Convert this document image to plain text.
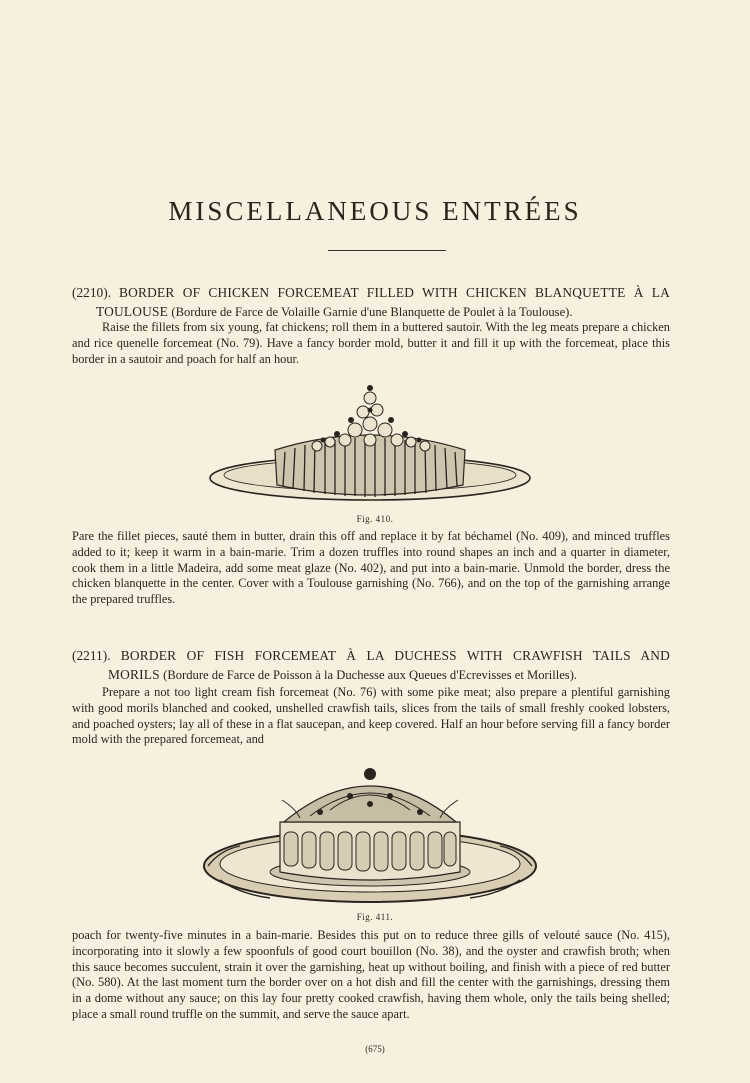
MISCELLANEOUS ENTRÉES
(2210). BORDER OF CHICKEN FORCEMEAT FILLED WITH CHICKEN BLANQUETTE À LA
TOULOUSE (Bordure de Farce de Volaille Garnie d'une Blanquette de Poulet à la Toulouse).

Raise the fillets from six young, fat chickens; roll them in a buttered sautoir. With the leg meats prepare a chicken and rice quenelle forcemeat (No. 79). Have a fancy border mold, butter it and fill it up with the forcemeat, place this border in a sautoir and poach for half an hour.

Fig. 410.

Pare the fillet pieces, sauté them in butter, drain this off and replace it by fat béchamel (No. 409), and minced truffles added to it; keep it warm in a bain-marie. Trim a dozen truffles into round shapes an inch and a quarter in diameter, cook them in a little Madeira, add some meat glaze (No. 402), and put into a bain-marie. Unmold the border, dress the chicken blanquette in the center. Cover with a Toulouse garnishing (No. 766), and on the top of the garnishing arrange the prepared truffles.

(2211). BORDER OF FISH FORCEMEAT À LA DUCHESS WITH CRAWFISH TAILS AND
MORILS (Bordure de Farce de Poisson à la Duchesse aux Queues d'Ecrevisses et Morilles).

Prepare a not too light cream fish forcemeat (No. 76) with some pike meat; also prepare a plentiful garnishing with good morils blanched and cooked, unshelled crawfish tails, slices from the tails of small freshly cooked lobsters, and poached oysters; lay all of these in a flat saucepan, and keep covered. Half an hour before serving fill a fancy border mold with the prepared forcemeat, and

Fig. 411.

poach for twenty-five minutes in a bain-marie. Besides this put on to reduce three gills of velouté sauce (No. 415), incorporating into it slowly a few spoonfuls of good court bouillon (No. 38), and the oyster and crawfish broth; when this sauce becomes succulent, strain it over the garnishing, heat up without boiling, and finish with a piece of red butter (No. 580). At the last moment turn the border over on a hot dish and fill the center with the garnishings, dressing them in a dome without any sauce; on this lay four pretty cooked crawfish, having them whole, only the tails being shelled; place a small round truffle on the summit, and serve the sauce apart.

(675)
